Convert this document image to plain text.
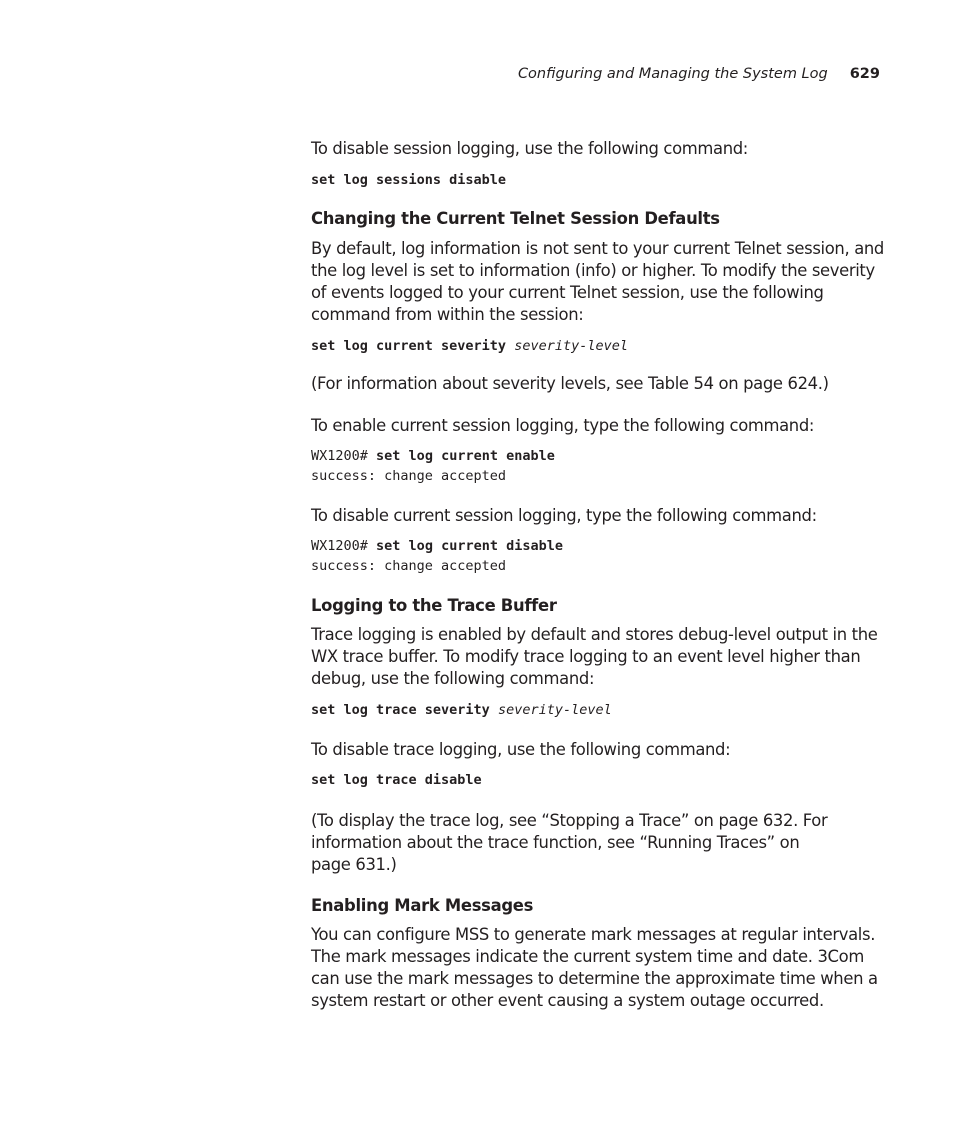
Configuring and Managing the System Log 629

To disable session logging, use the following command:

set log sessions disable
Changing the Current Telnet Session Defaults

By default, log information is not sent to your current Telnet session, and the log level is set to information (info) or higher. To modify the severity of events logged to your current Telnet session, use the following command from within the session:

set log current severity severity-level

(For information about severity levels, see Table 54 on page 624.)

To enable current session logging, type the following command:

WX1200# set log current enable
success: change accepted

To disable current session logging, type the following command:

WX1200# set log current disable
success: change accepted
Logging to the Trace Buffer

Trace logging is enabled by default and stores debug-level output in the WX trace buffer. To modify trace logging to an event level higher than debug, use the following command:

set log trace severity severity-level

To disable trace logging, use the following command:

set log trace disable

(To display the trace log, see “Stopping a Trace” on page 632. For
information about the trace function, see “Running Traces” on
page 631.)

Enabling Mark Messages

You can configure MSS to generate mark messages at regular intervals. The mark messages indicate the current system time and date. 3Com can use the mark messages to determine the approximate time when a system restart or other event causing a system outage occurred.
